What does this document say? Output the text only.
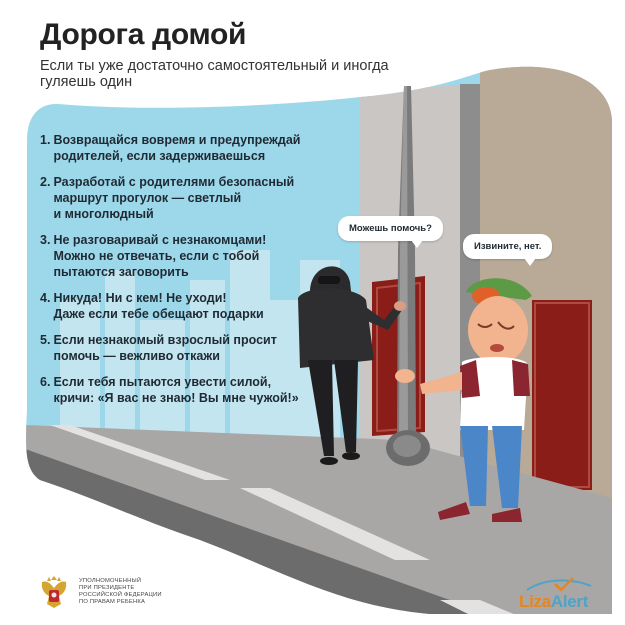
Дорога домой

Если ты уже достаточно самостоятельный и иногда гуляешь один

1. Возвращайся вовремя и предупреждай
родителей, если задерживаешься
2. Разработай с родителями безопасный
маршрут прогулок — светлый
и многолюдный
3. Не разговаривай с незнакомцами!
Можно не отвечать, если с тобой
пытаются заговорить
4. Никуда! Ни с кем! Не уходи!
Даже если тебе обещают подарки
5. Если незнакомый взрослый просит
помочь — вежливо откажи
6. Если тебя пытаются увести силой,
кричи: «Я вас не знаю! Вы мне чужой!»
Можешь помочь?
Извините, нет.
УПОЛНОМОЧЕННЫЙ
ПРИ ПРЕЗИДЕНТЕ
РОССИЙСКОЙ ФЕДЕРАЦИИ
ПО ПРАВАМ РЕБЕНКА	LizaAlert
